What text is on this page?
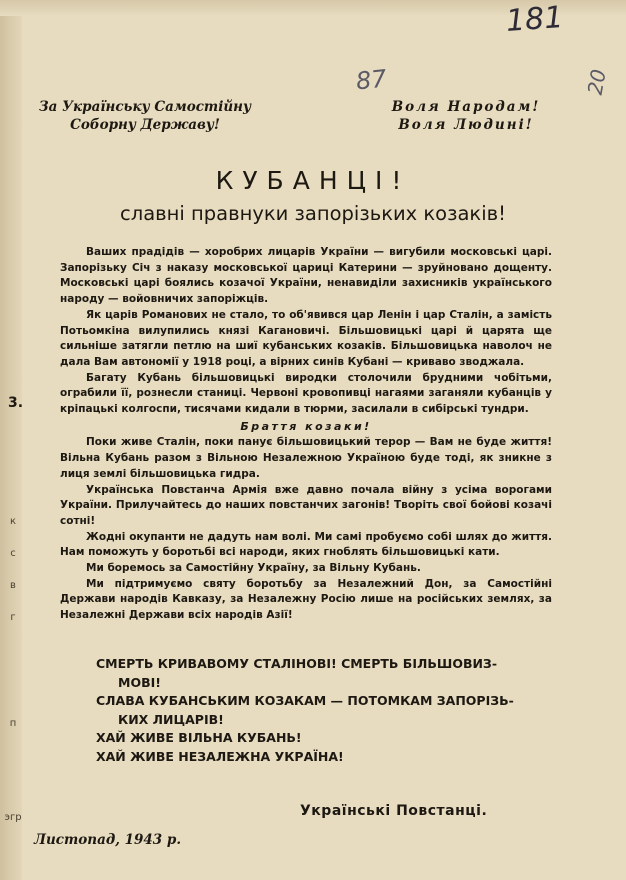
181
87	20
За Українську Самостійну
Соборну Державу!
Воля Народам!
Воля Людині!
КУБАНЦІ!
славні правнуки запорізьких козаків!
3.
к
с
в
г
п
эгр

Ваших прадідів — хоробрих лицарів України — вигубили московські царі. Запорізьку Січ з наказу московської цариці Катерини — зруйновано дощенту. Московські царі боялись козачої України, ненавиділи захисників українського народу — войовничих запоріжців.

Як царів Романових не стало, то об'явився цар Ленін і цар Сталін, а замість Потьомкіна вилупились князі Кагановичі. Більшовицькі царі й царята ще сильніше затягли петлю на шиї кубанських козаків. Більшовицька наволоч не дала Вам автономії у 1918 році, а вірних синів Кубані — криваво зводжала.

Багату Кубань більшовицькі виродки столочили брудними чобітьми, ограбили її, рознесли станиці. Червоні кровопивці нагаями заганяли кубанців у кріпацькі колгоспи, тисячами кидали в тюрми, засилали в сибірські тундри.

Браття козаки!

Поки живе Сталін, поки панує більшовицький терор — Вам не буде життя! Вільна Кубань разом з Вільною Незалежною Україною буде тоді, як зникне з лиця землі більшовицька гидра.

Українська Повстанча Армія вже давно почала війну з усіма ворогами України. Прилучайтесь до наших повстанчих загонів! Творіть свої бойові козачі сотні!

Жодні окупанти не дадуть нам волі. Ми самі пробуємо собі шлях до життя. Нам поможуть у боротьбі всі народи, яких гноблять більшовицькі кати.

Ми боремось за Самостійну Україну, за Вільну Кубань.

Ми підтримуємо святу боротьбу за Незалежний Дон, за Самостійні Держави народів Кавказу, за Незалежну Росію лише на російських землях, за Незалежні Держави всіх народів Азії!

СМЕРТЬ КРИВАВОМУ СТАЛІНОВІ! СМЕРТЬ БІЛЬШОВИЗ-
МОВІ!
СЛАВА КУБАНСЬКИМ КОЗАКАМ — ПОТОМКАМ ЗАПОРІЗЬ-
КИХ ЛИЦАРІВ!
ХАЙ ЖИВЕ ВІЛЬНА КУБАНЬ!
ХАЙ ЖИВЕ НЕЗАЛЕЖНА УКРАЇНА!
Українські Повстанці.
Листопад, 1943 р.
